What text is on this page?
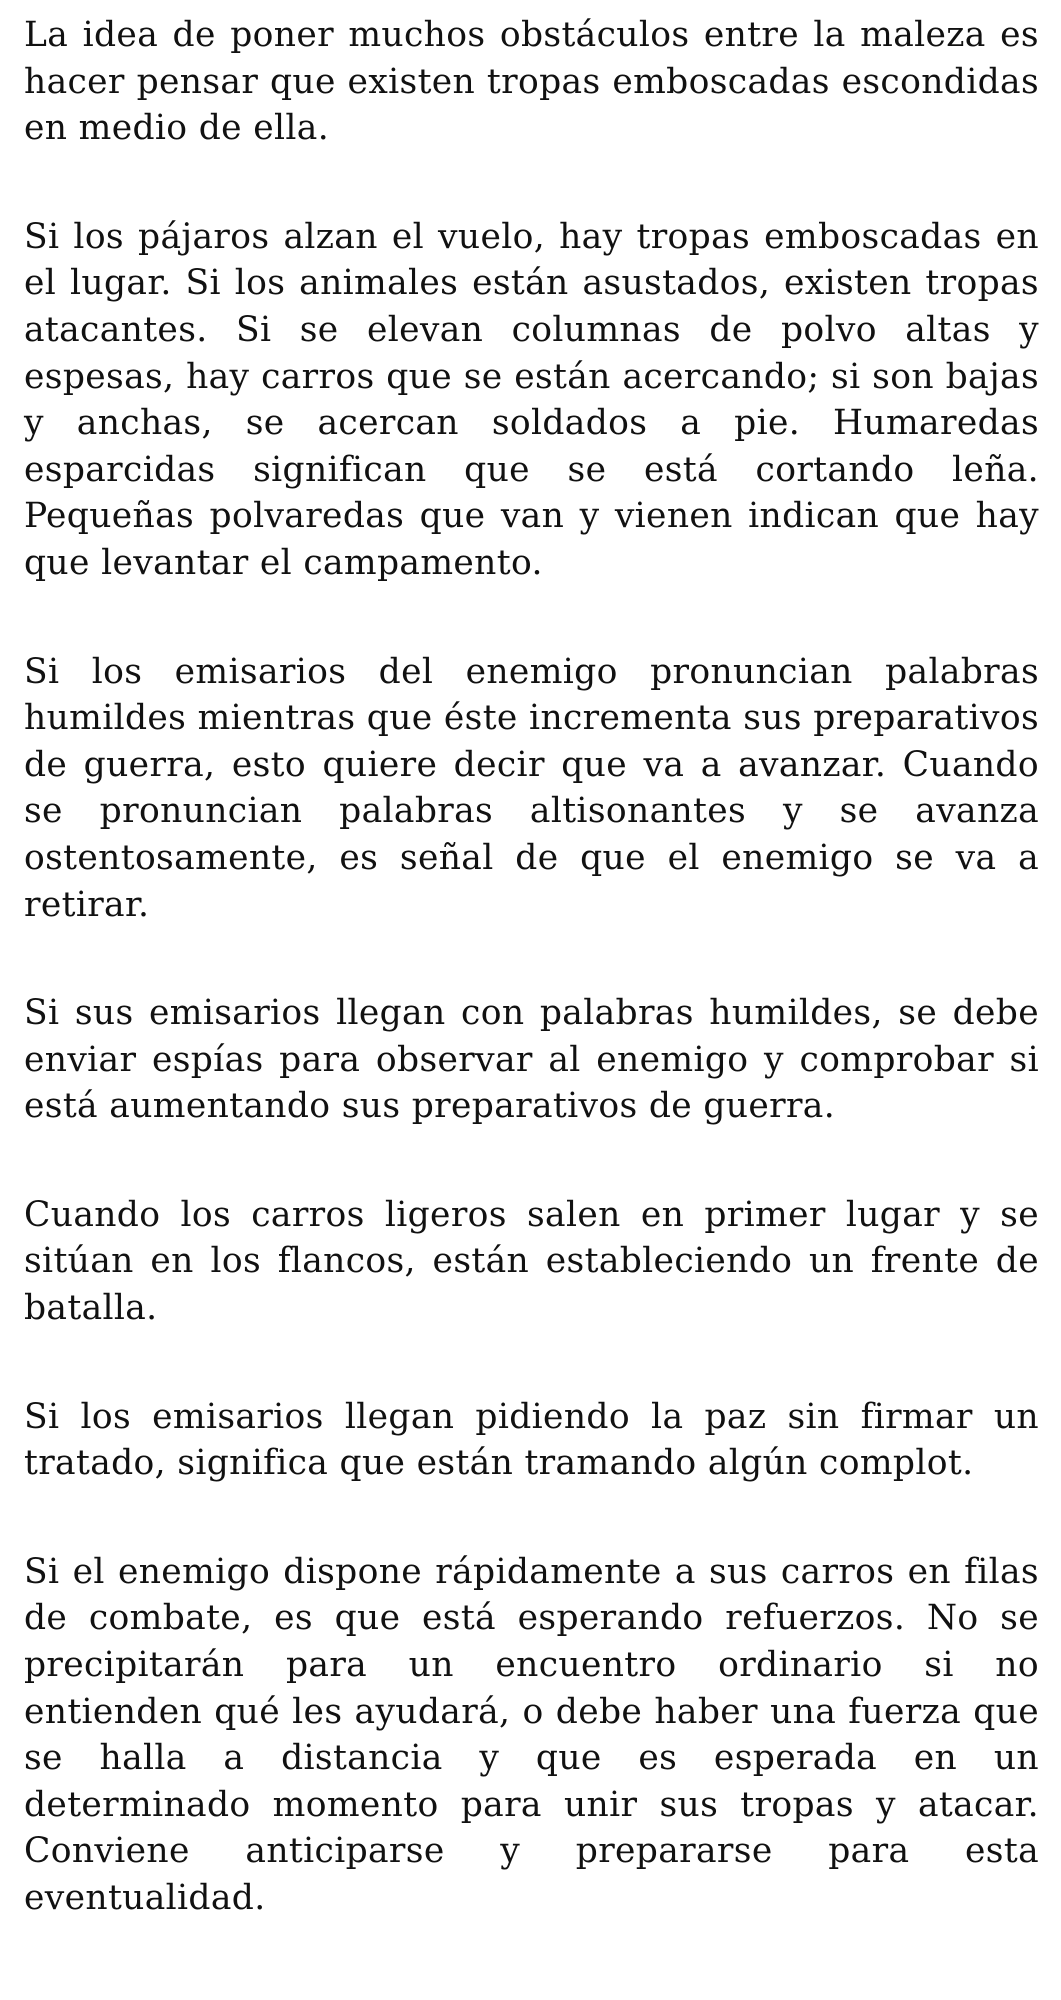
La idea de poner muchos obstáculos entre la maleza es hacer pensar que existen tropas emboscadas escondidas en medio de ella.

Si los pájaros alzan el vuelo, hay tropas emboscadas en el lugar. Si los animales están asustados, existen tropas atacantes. Si se elevan columnas de polvo altas y espesas, hay carros que se están acercando; si son bajas y anchas, se acercan soldados a pie. Humaredas esparcidas significan que se está cortando leña. Pequeñas polvaredas que van y vienen indican que hay que levantar el campamento.

Si los emisarios del enemigo pronuncian palabras humildes mientras que éste incrementa sus preparativos de guerra, esto quiere decir que va a avanzar. Cuando se pronuncian palabras altisonantes y se avanza ostentosamente, es señal de que el enemigo se va a retirar.

Si sus emisarios llegan con palabras humildes, se debe enviar espías para observar al enemigo y comprobar si está aumentando sus preparativos de guerra.

Cuando los carros ligeros salen en primer lugar y se sitúan en los flancos, están estableciendo un frente de batalla.

Si los emisarios llegan pidiendo la paz sin firmar un tratado, significa que están tramando algún complot.

Si el enemigo dispone rápidamente a sus carros en filas de combate, es que está esperando refuerzos. No se precipitarán para un encuentro ordinario si no entienden qué les ayudará, o debe haber una fuerza que se halla a distancia y que es esperada en un determinado momento para unir sus tropas y atacar. Conviene anticiparse y prepararse para esta eventualidad.
